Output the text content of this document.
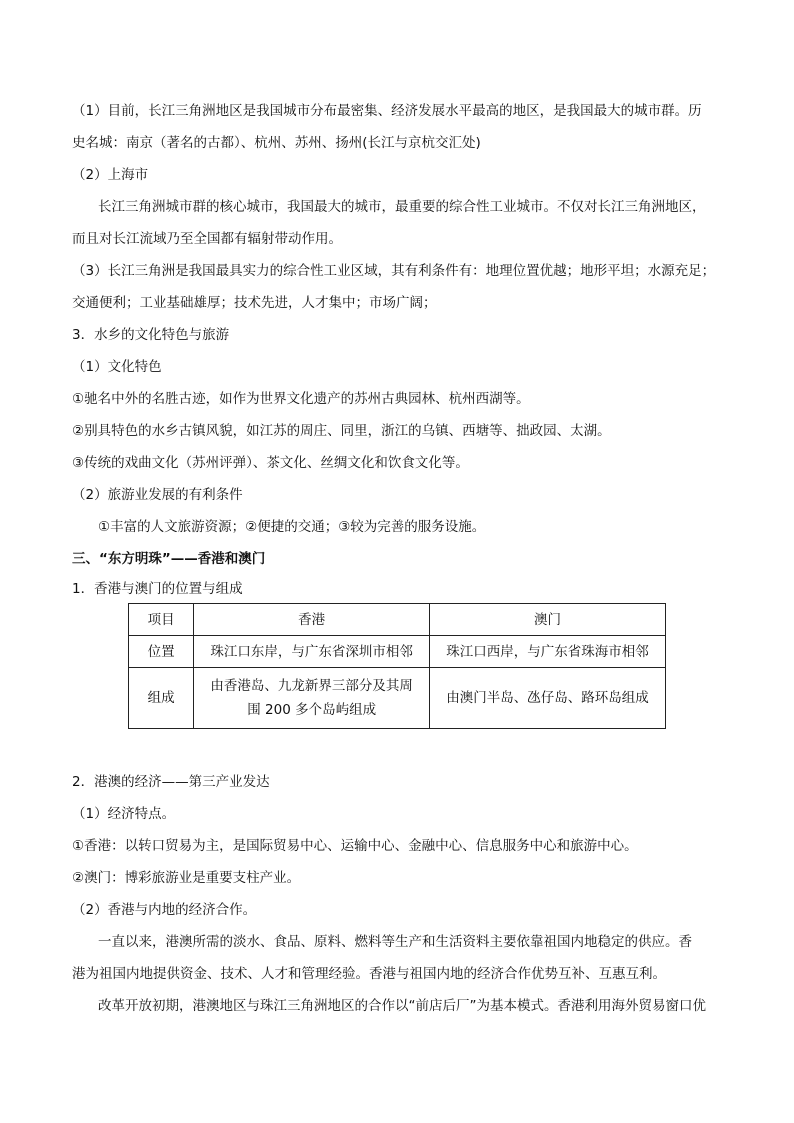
（1）目前，长江三角洲地区是我国城市分布最密集、经济发展水平最高的地区，是我国最大的城市群。历
史名城：南京（著名的古都）、杭州、苏州、扬州(长江与京杭交汇处)
（2）上海市
长江三角洲城市群的核心城市，我国最大的城市，最重要的综合性工业城市。不仅对长江三角洲地区，
而且对长江流域乃至全国都有辐射带动作用。
（3）长江三角洲是我国最具实力的综合性工业区域，其有利条件有：地理位置优越；地形平坦；水源充足；
交通便利；工业基础雄厚；技术先进，人才集中；市场广阔；
3．水乡的文化特色与旅游
（1）文化特色
①驰名中外的名胜古迹，如作为世界文化遗产的苏州古典园林、杭州西湖等。
②别具特色的水乡古镇风貌，如江苏的周庄、同里，浙江的乌镇、西塘等、拙政园、太湖。
③传统的戏曲文化（苏州评弹）、茶文化、丝绸文化和饮食文化等。
（2）旅游业发展的有利条件
①丰富的人文旅游资源；②便捷的交通；③较为完善的服务设施。
三、“东方明珠”——香港和澳门
1．香港与澳门的位置与组成
项目	香港	澳门
位置	珠江口东岸，与广东省深圳市相邻	珠江口西岸，与广东省珠海市相邻
组成	由香港岛、九龙新界三部分及其周
围 200 多个岛屿组成	由澳门半岛、氹仔岛、路环岛组成
2．港澳的经济——第三产业发达
（1）经济特点。
①香港：以转口贸易为主，是国际贸易中心、运输中心、金融中心、信息服务中心和旅游中心。
②澳门：博彩旅游业是重要支柱产业。
（2）香港与内地的经济合作。
一直以来，港澳所需的淡水、食品、原料、燃料等生产和生活资料主要依靠祖国内地稳定的供应。香
港为祖国内地提供资金、技术、人才和管理经验。香港与祖国内地的经济合作优势互补、互惠互利。
改革开放初期，港澳地区与珠江三角洲地区的合作以“前店后厂”为基本模式。香港利用海外贸易窗口优
